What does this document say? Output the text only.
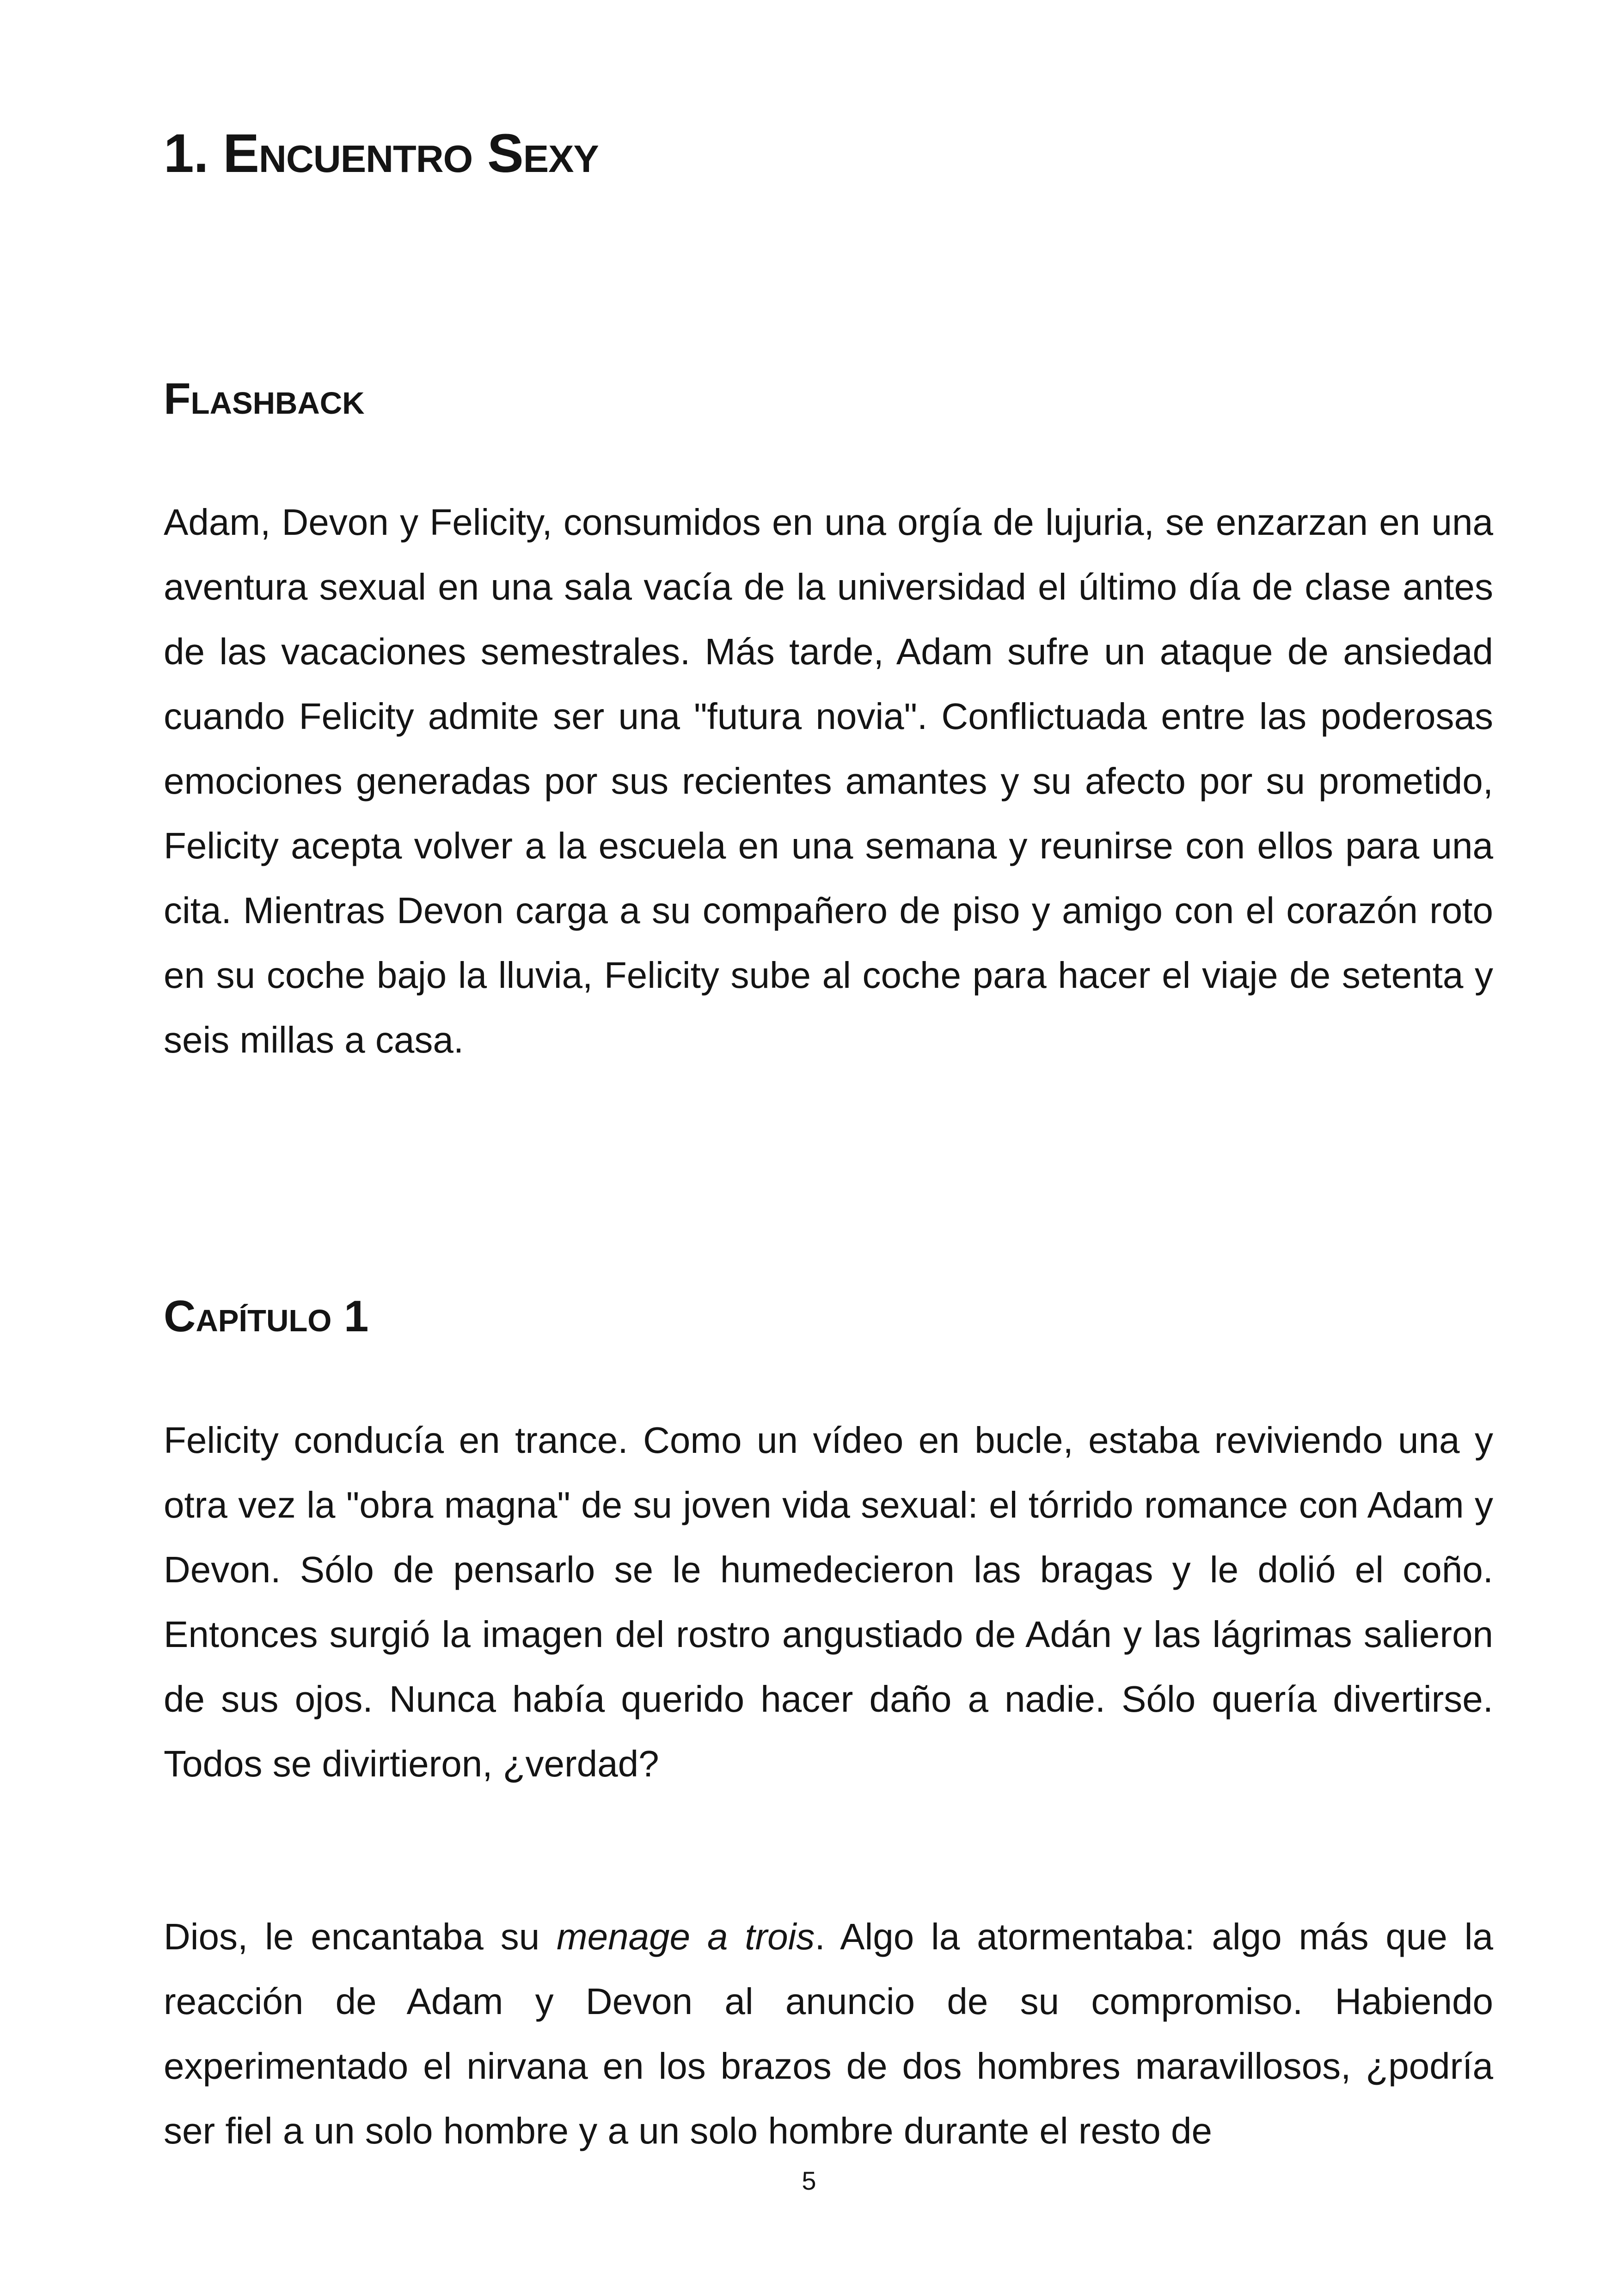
1. Encuentro Sexy
Flashback

Adam, Devon y Felicity, consumidos en una orgía de lujuria, se enzarzan en una aventura sexual en una sala vacía de la universidad el último día de clase antes de las vacaciones semestrales. Más tarde, Adam sufre un ataque de ansiedad cuando Felicity admite ser una "futura novia". Conflictuada entre las poderosas emociones generadas por sus recientes amantes y su afecto por su prometido, Felicity acepta volver a la escuela en una semana y reunirse con ellos para una cita. Mientras Devon carga a su compañero de piso y amigo con el corazón roto en su coche bajo la lluvia, Felicity sube al coche para hacer el viaje de setenta y seis millas a casa.

Capítulo 1

Felicity conducía en trance. Como un vídeo en bucle, estaba reviviendo una y otra vez la "obra magna" de su joven vida sexual: el tórrido romance con Adam y Devon. Sólo de pensarlo se le humedecieron las bragas y le dolió el coño. Entonces surgió la imagen del rostro angustiado de Adán y las lágrimas salieron de sus ojos. Nunca había querido hacer daño a nadie. Sólo quería divertirse. Todos se divirtieron, ¿verdad?

Dios, le encantaba su menage a trois. Algo la atormentaba: algo más que la reacción de Adam y Devon al anuncio de su compromiso. Habiendo experimentado el nirvana en los brazos de dos hombres maravillosos, ¿podría ser fiel a un solo hombre y a un solo hombre durante el resto de

5
